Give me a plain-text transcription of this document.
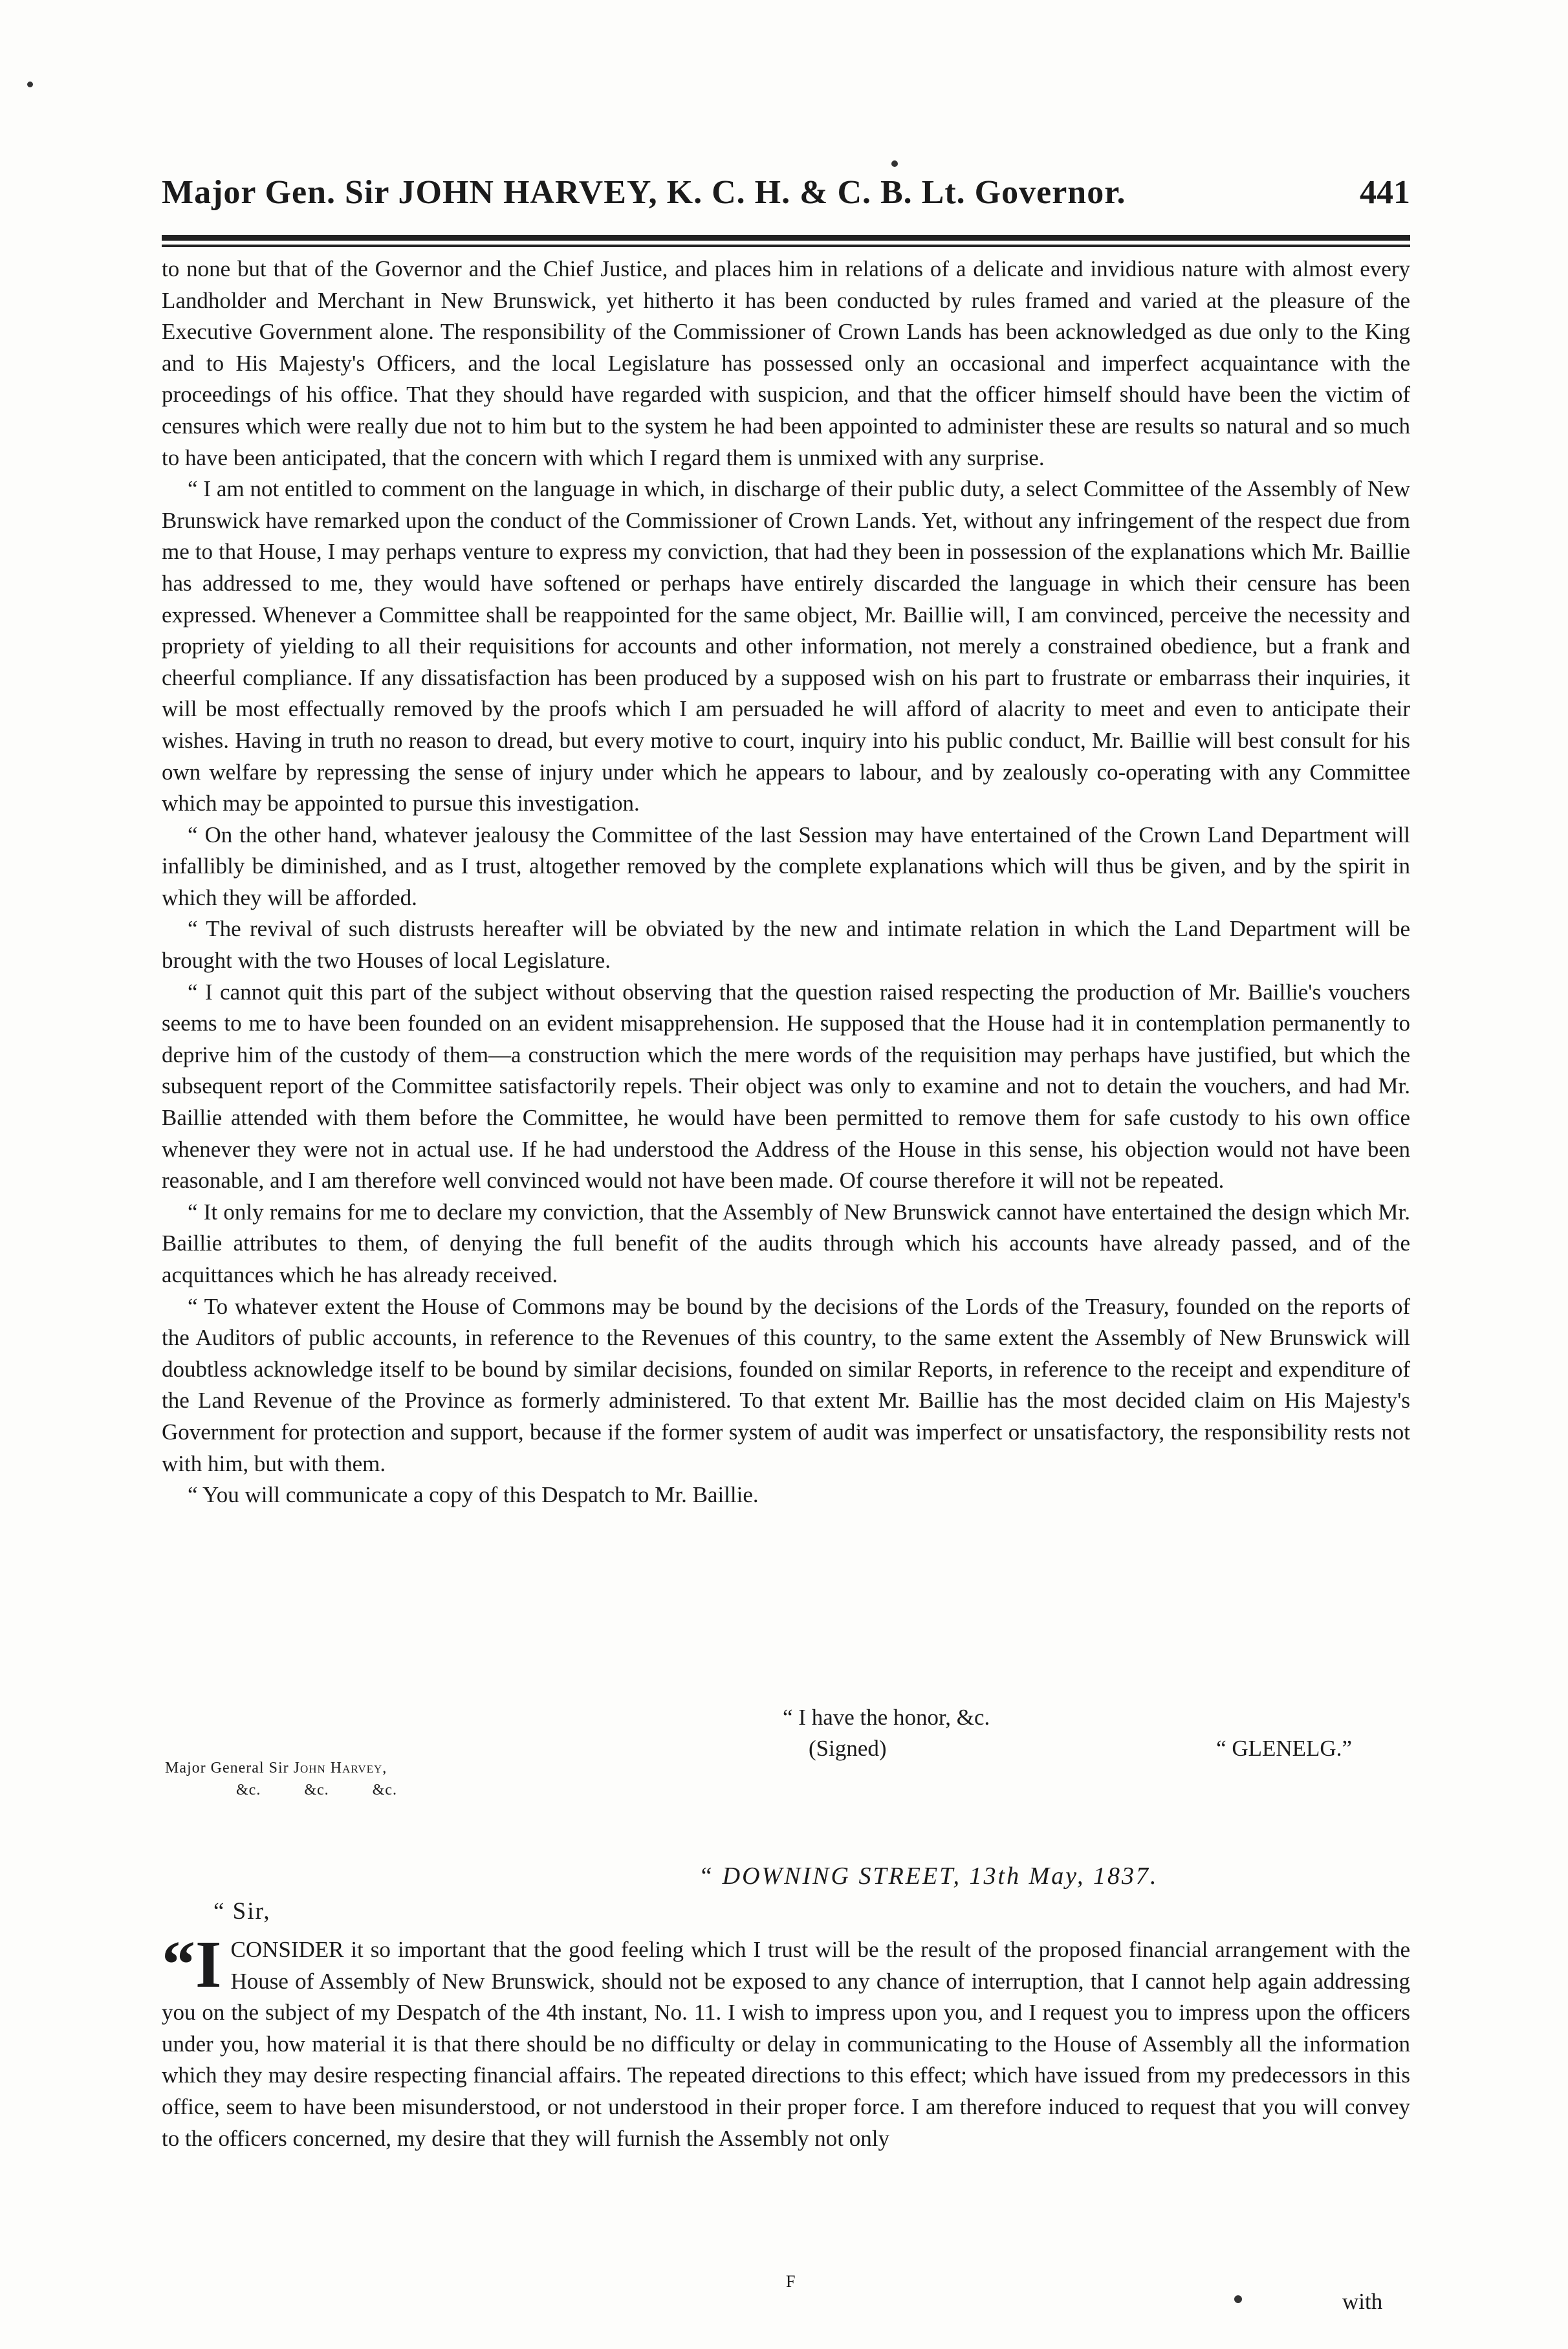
Major Gen. Sir JOHN HARVEY, K. C. H. & C. B. Lt. Governor.	441

to none but that of the Governor and the Chief Justice, and places him in relations of a delicate and invidious nature with almost every Landholder and Merchant in New Brunswick, yet hitherto it has been conducted by rules framed and varied at the pleasure of the Executive Government alone. The responsibility of the Commissioner of Crown Lands has been acknowledged as due only to the King and to His Majesty's Officers, and the local Legislature has possessed only an occasional and imperfect acquaintance with the proceedings of his office. That they should have regarded with suspicion, and that the officer himself should have been the victim of censures which were really due not to him but to the system he had been appointed to administer these are results so natural and so much to have been anticipated, that the concern with which I regard them is unmixed with any surprise.

“ I am not entitled to comment on the language in which, in discharge of their public duty, a select Committee of the Assembly of New Brunswick have remarked upon the conduct of the Commissioner of Crown Lands. Yet, without any infringement of the respect due from me to that House, I may perhaps venture to express my conviction, that had they been in possession of the explanations which Mr. Baillie has addressed to me, they would have softened or perhaps have entirely discarded the language in which their censure has been expressed. Whenever a Committee shall be reappointed for the same object, Mr. Baillie will, I am convinced, perceive the necessity and propriety of yielding to all their requisitions for accounts and other information, not merely a constrained obedience, but a frank and cheerful compliance. If any dissatisfaction has been produced by a supposed wish on his part to frustrate or embarrass their inquiries, it will be most effectually removed by the proofs which I am persuaded he will afford of alacrity to meet and even to anticipate their wishes. Having in truth no reason to dread, but every motive to court, inquiry into his public conduct, Mr. Baillie will best consult for his own welfare by repressing the sense of injury under which he appears to labour, and by zealously co-operating with any Committee which may be appointed to pursue this investigation.

“ On the other hand, whatever jealousy the Committee of the last Session may have entertained of the Crown Land Department will infallibly be diminished, and as I trust, altogether removed by the complete explanations which will thus be given, and by the spirit in which they will be afforded.

“ The revival of such distrusts hereafter will be obviated by the new and intimate relation in which the Land Department will be brought with the two Houses of local Legislature.

“ I cannot quit this part of the subject without observing that the question raised respecting the production of Mr. Baillie's vouchers seems to me to have been founded on an evident misapprehension. He supposed that the House had it in contemplation permanently to deprive him of the custody of them—a construction which the mere words of the requisition may perhaps have justified, but which the subsequent report of the Committee satisfactorily repels. Their object was only to examine and not to detain the vouchers, and had Mr. Baillie attended with them before the Committee, he would have been permitted to remove them for safe custody to his own office whenever they were not in actual use. If he had understood the Address of the House in this sense, his objection would not have been reasonable, and I am therefore well convinced would not have been made. Of course therefore it will not be repeated.

“ It only remains for me to declare my conviction, that the Assembly of New Brunswick cannot have entertained the design which Mr. Baillie attributes to them, of denying the full benefit of the audits through which his accounts have already passed, and of the acquittances which he has already received.

“ To whatever extent the House of Commons may be bound by the decisions of the Lords of the Treasury, founded on the reports of the Auditors of public accounts, in reference to the Revenues of this country, to the same extent the Assembly of New Brunswick will doubtless acknowledge itself to be bound by similar decisions, founded on similar Reports, in reference to the receipt and expenditure of the Land Revenue of the Province as formerly administered. To that extent Mr. Baillie has the most decided claim on His Majesty's Government for protection and support, because if the former system of audit was imperfect or unsatisfactory, the responsibility rests not with him, but with them.

“ You will communicate a copy of this Despatch to Mr. Baillie.

“ I have the honor, &c.
(Signed)	“ GLENELG.”
Major General Sir John Harvey,
&c. &c. &c.
“ DOWNING STREET, 13th May, 1837.
“ Sir,

“I CONSIDER it so important that the good feeling which I trust will be the result of the proposed financial arrangement with the House of Assembly of New Brunswick, should not be exposed to any chance of interruption, that I cannot help again addressing you on the subject of my Despatch of the 4th instant, No. 11. I wish to impress upon you, and I request you to impress upon the officers under you, how material it is that there should be no difficulty or delay in communicating to the House of Assembly all the information which they may desire respecting financial affairs. The repeated directions to this effect; which have issued from my predecessors in this office, seem to have been misunderstood, or not understood in their proper force. I am therefore induced to request that you will convey to the officers concerned, my desire that they will furnish the Assembly not only

F
with
